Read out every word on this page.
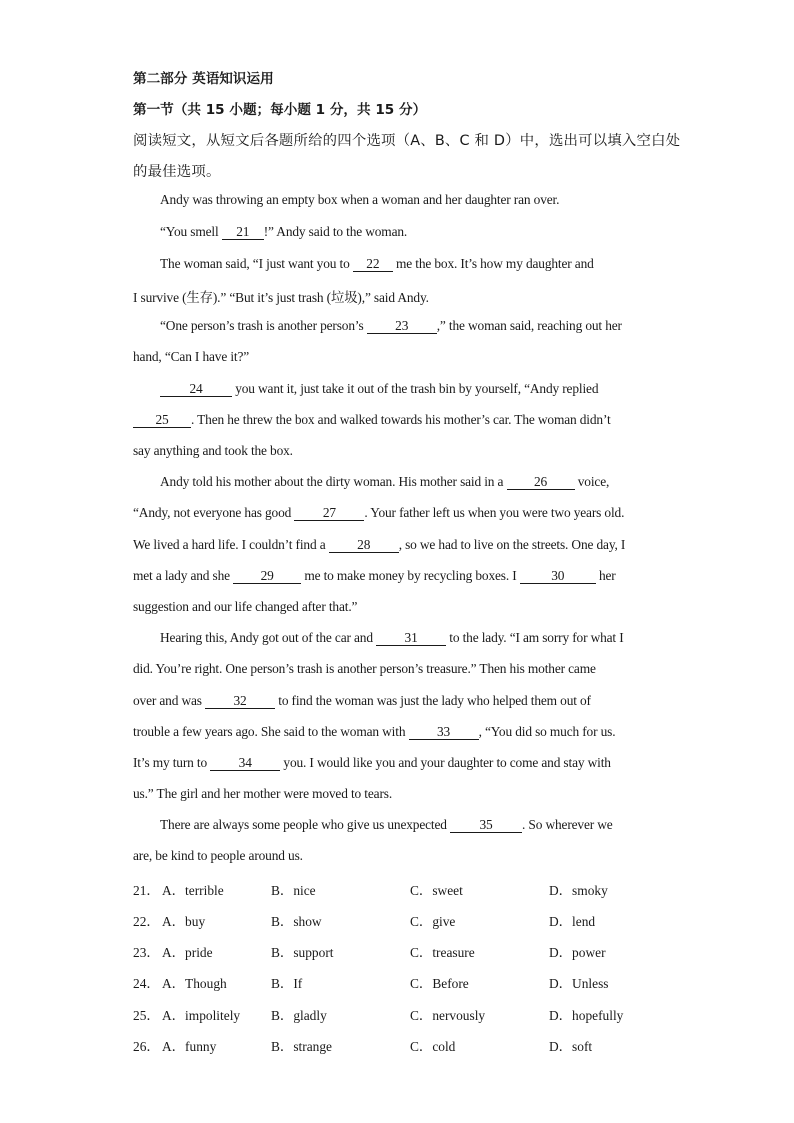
第二部分 英语知识运用
第一节（共 15 小题；每小题 1 分，共 15 分）
阅读短文，从短文后各题所给的四个选项（A、B、C 和 D）中，选出可以填入空白处
的最佳选项。
Andy was throwing an empty box when a woman and her daughter ran over.
“You smell 21 !” Andy said to the woman.
The woman said, “I just want you to 22 me the box. It’s how my daughter and
I survive (生存).” “But it’s just trash (垃圾),” said Andy.
“One person’s trash is another person’s 23 ,” the woman said, reaching out her
hand, “Can I have it?”
24 you want it, just take it out of the trash bin by yourself, “Andy replied
25 . Then he threw the box and walked towards his mother’s car. The woman didn’t
say anything and took the box.
Andy told his mother about the dirty woman. His mother said in a 26 voice,
“Andy, not everyone has good 27 . Your father left us when you were two years old.
We lived a hard life. I couldn’t find a 28 , so we had to live on the streets. One day, I
met a lady and she 29 me to make money by recycling boxes. I 30 her
suggestion and our life changed after that.”
Hearing this, Andy got out of the car and 31 to the lady. “I am sorry for what I
did. You’re right. One person’s trash is another person’s treasure.” Then his mother came
over and was 32 to find the woman was just the lady who helped them out of
trouble a few years ago. She said to the woman with 33 , “You did so much for us.
It’s my turn to 34 you. I would like you and your daughter to come and stay with
us.” The girl and her mother were moved to tears.
There are always some people who give us unexpected 35 . So wherever we
are, be kind to people around us.
21． A．terrible	B．nice	C．sweet	D．smoky
22． A．buy	B．show	C．give	D．lend
23． A．pride	B．support	C．treasure	D．power
24． A．Though	B．If	C．Before	D．Unless
25． A．impolitely B．gladly	C．nervously	D．hopefully
26． A．funny	B．strange	C．cold	D．soft
